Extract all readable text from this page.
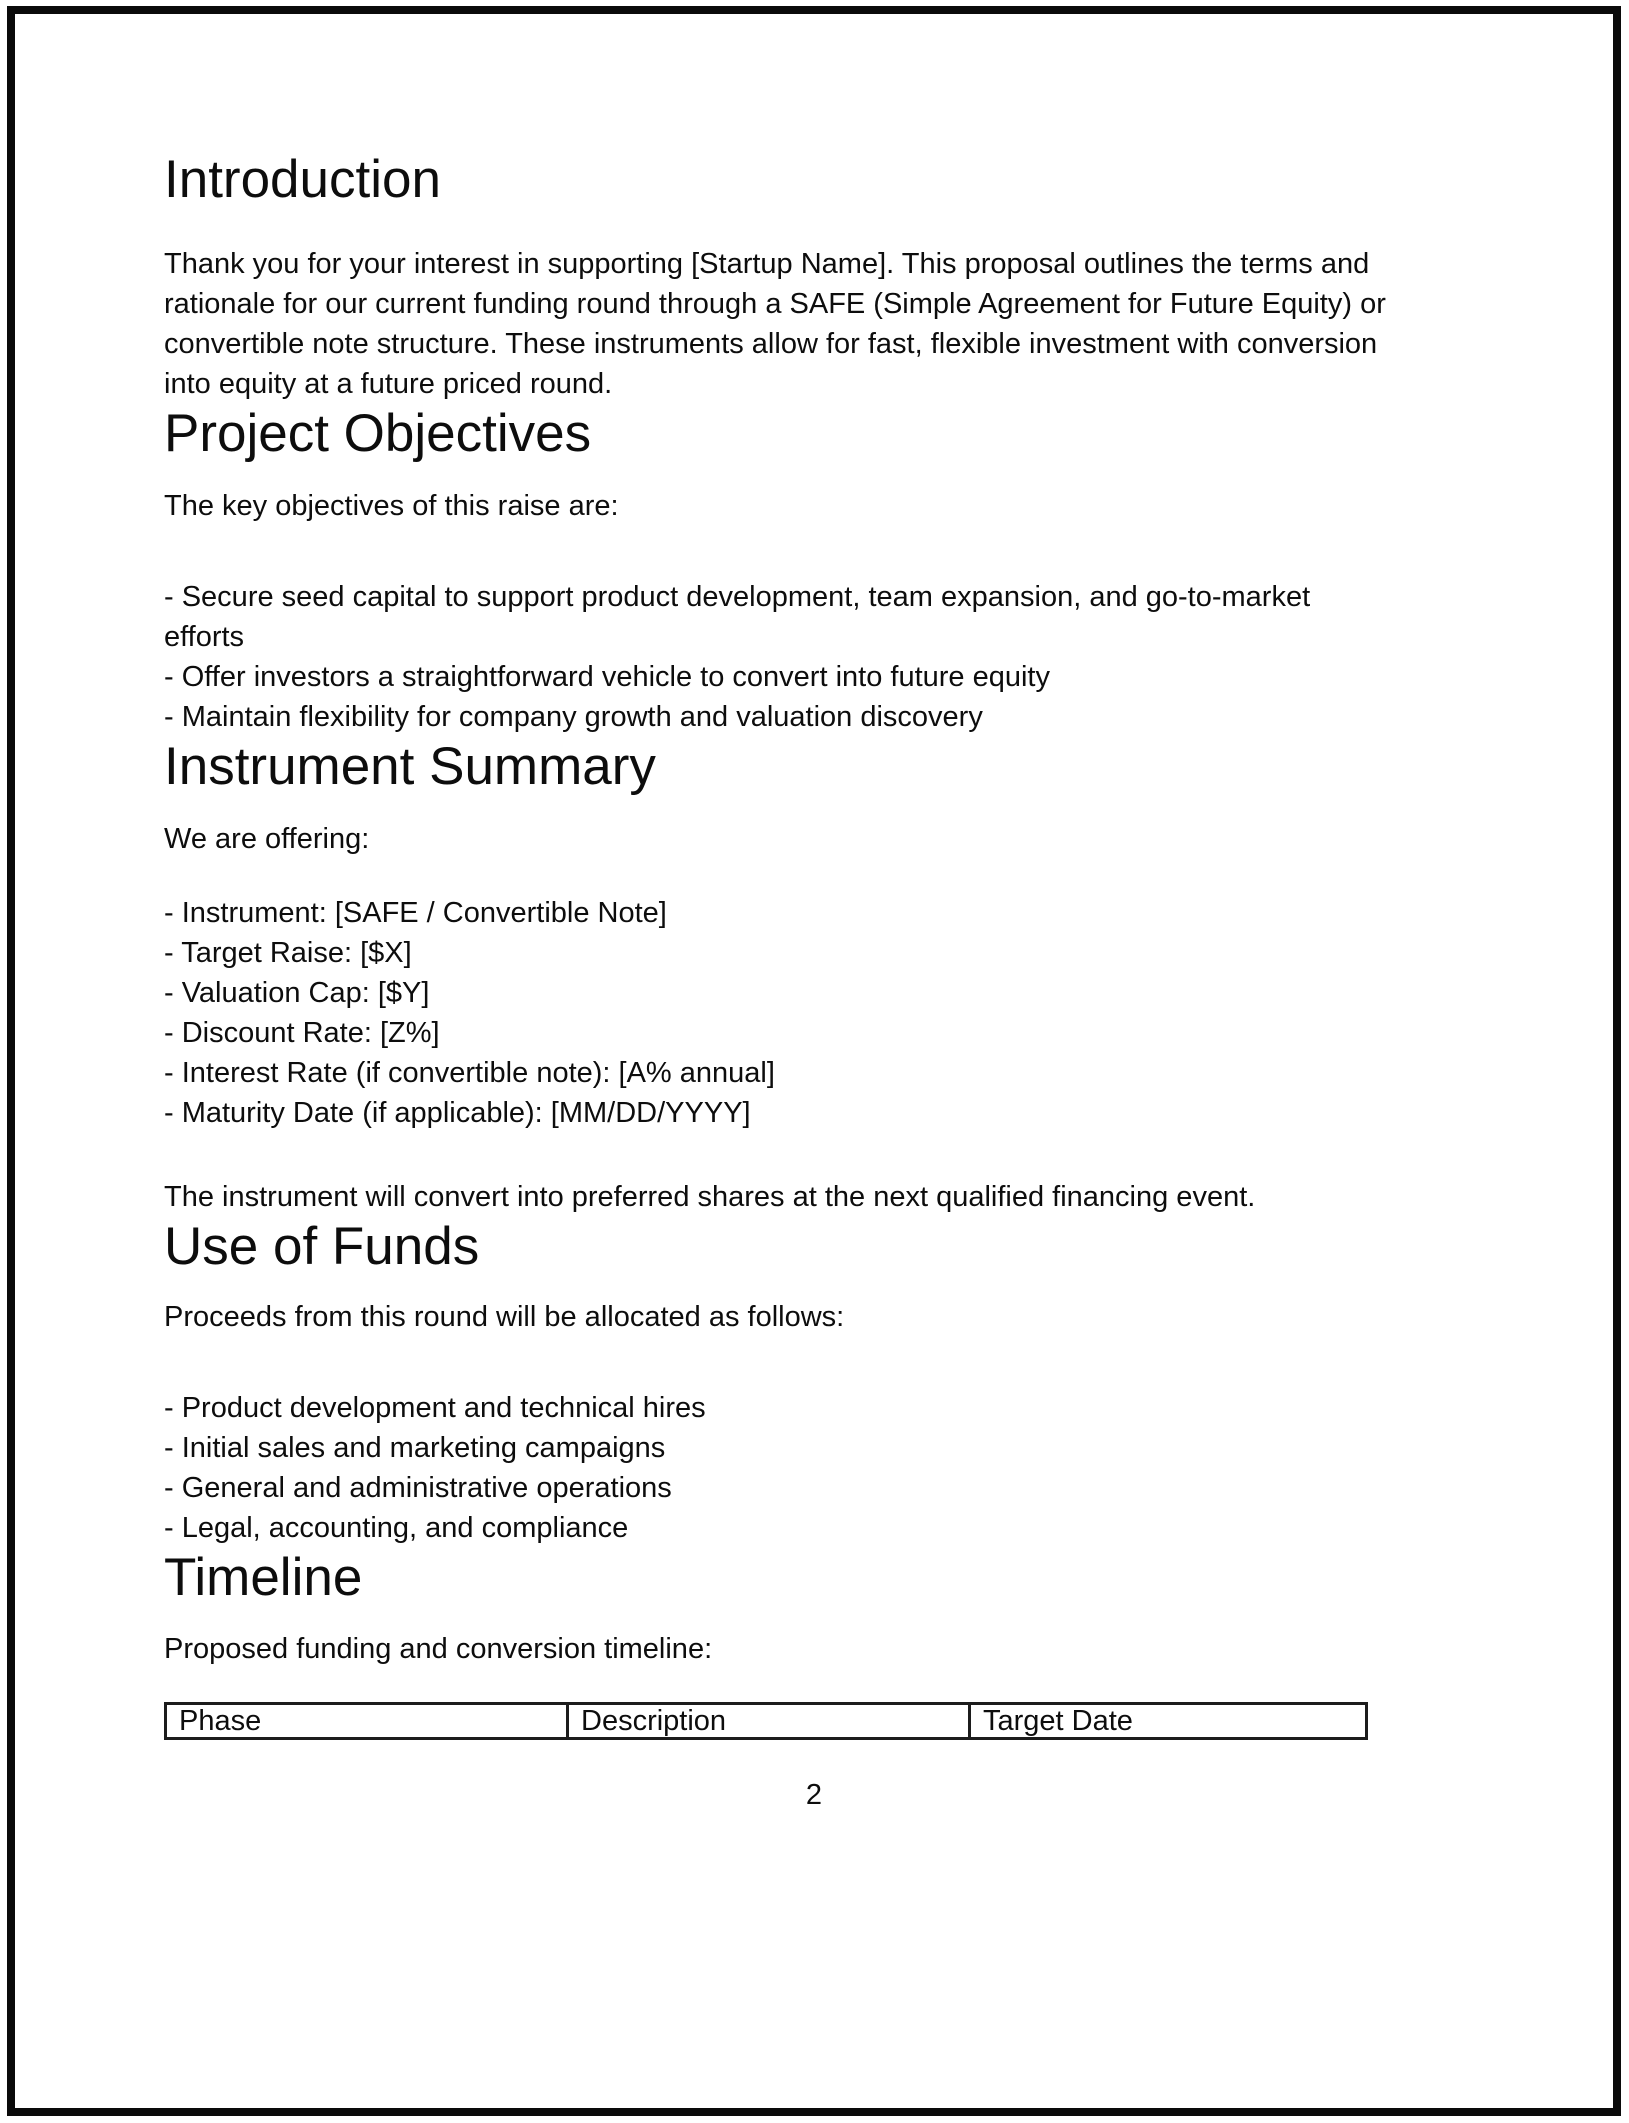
Introduction
Thank you for your interest in supporting [Startup Name]. This proposal outlines the terms and
rationale for our current funding round through a SAFE (Simple Agreement for Future Equity) or
convertible note structure. These instruments allow for fast, flexible investment with conversion
into equity at a future priced round.
Project Objectives
The key objectives of this raise are:
- Secure seed capital to support product development, team expansion, and go-to-market
efforts
- Offer investors a straightforward vehicle to convert into future equity
- Maintain flexibility for company growth and valuation discovery
Instrument Summary
We are offering:
- Instrument: [SAFE / Convertible Note]
- Target Raise: [$X]
- Valuation Cap: [$Y]
- Discount Rate: [Z%]
- Interest Rate (if convertible note): [A% annual]
- Maturity Date (if applicable): [MM/DD/YYYY]
The instrument will convert into preferred shares at the next qualified financing event.
Use of Funds
Proceeds from this round will be allocated as follows:
- Product development and technical hires
- Initial sales and marketing campaigns
- General and administrative operations
- Legal, accounting, and compliance
Timeline
Proposed funding and conversion timeline:
Phase	Description	Target Date
2
